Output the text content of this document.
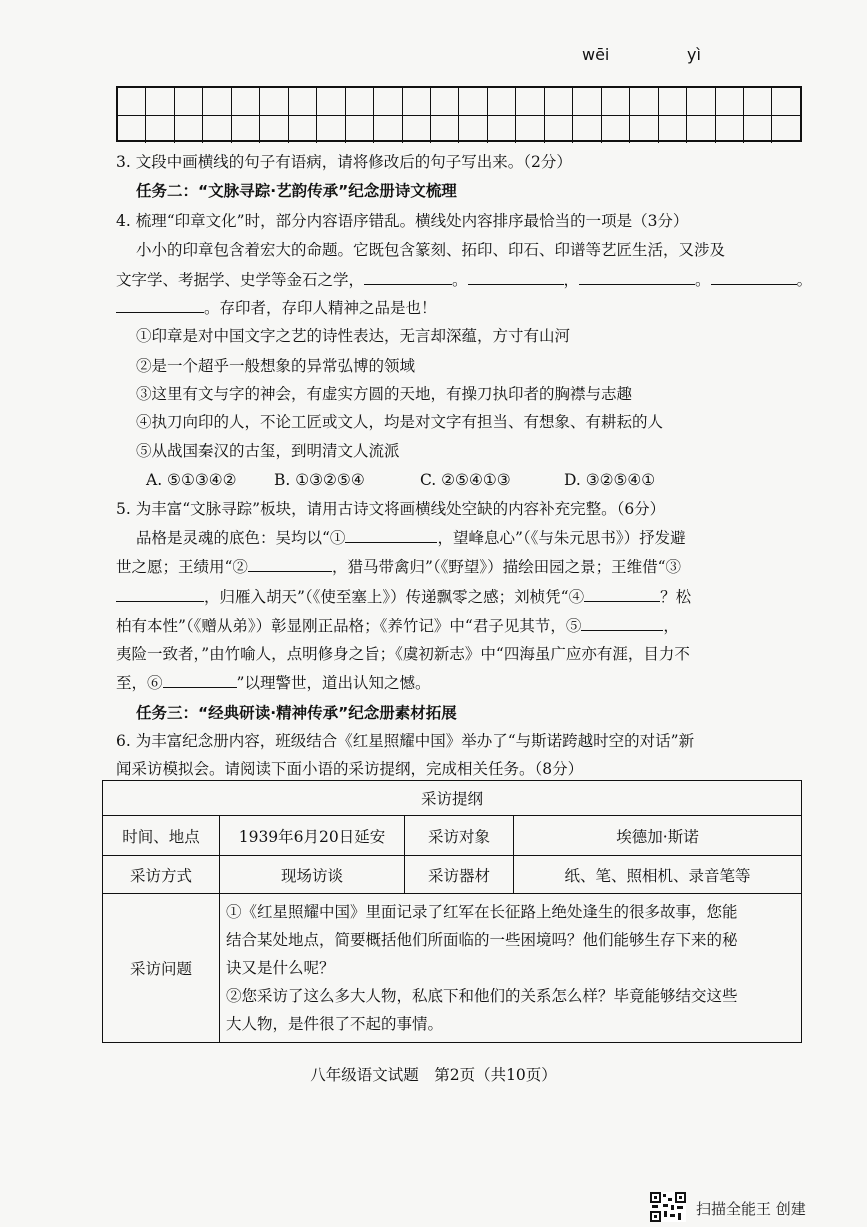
wēi	yì
3. 文段中画横线的句子有语病，请将修改后的句子写出来。（2分）
任务二：“文脉寻踪·艺韵传承”纪念册诗文梳理
4. 梳理“印章文化”时，部分内容语序错乱。横线处内容排序最恰当的一项是（3分）
小小的印章包含着宏大的命题。它既包含篆刻、拓印、印石、印谱等艺匠生活，又涉及
文字学、考据学、史学等金石之学，	。	，	。	。
。存印者，存印人精神之品是也！
①印章是对中国文字之艺的诗性表达，无言却深蕴，方寸有山河
②是一个超乎一般想象的异常弘博的领域
③这里有文与字的神会，有虚实方圆的天地，有操刀执印者的胸襟与志趣
④执刀向印的人，不论工匠或文人，均是对文字有担当、有想象、有耕耘的人
⑤从战国秦汉的古玺，到明清文人流派
A. ⑤①③④② B. ①③②⑤④	C. ②⑤④①③	D. ③②⑤④①
5. 为丰富“文脉寻踪”板块，请用古诗文将画横线处空缺的内容补充完整。（6分）
品格是灵魂的底色：吴均以“①	，望峰息心”（《与朱元思书》）抒发避
世之愿；王绩用“②	，猎马带禽归”（《野望》）描绘田园之景；王维借“③
，归雁入胡天”（《使至塞上》）传递飘零之感；刘桢凭“④	？松
柏有本性”（《赠从弟》）彰显刚正品格；《养竹记》中“君子见其节，⑤	，
夷险一致者，”由竹喻人，点明修身之旨；《虞初新志》中“四海虽广应亦有涯，目力不
至，⑥	”以理警世，道出认知之憾。
任务三：“经典研读·精神传承”纪念册素材拓展
6. 为丰富纪念册内容，班级结合《红星照耀中国》举办了“与斯诺跨越时空的对话”新
闻采访模拟会。请阅读下面小语的采访提纲，完成相关任务。（8分）
采访提纲			
时间、地点	1939年6月20日延安	采访对象	埃德加·斯诺
采访方式	现场访谈	采访器材	纸、笔、照相机、录音笔等
采访问题	①《红星照耀中国》里面记录了红军在长征路上绝处逢生的很多故事，您能
结合某处地点，简要概括他们所面临的一些困境吗？他们能够生存下来的秘
诀又是什么呢？
②您采访了这么多大人物，私底下和他们的关系怎么样？毕竟能够结交这些
大人物，是件很了不起的事情。		
八年级语文试题　第2页（共10页）
扫描全能王 创建
